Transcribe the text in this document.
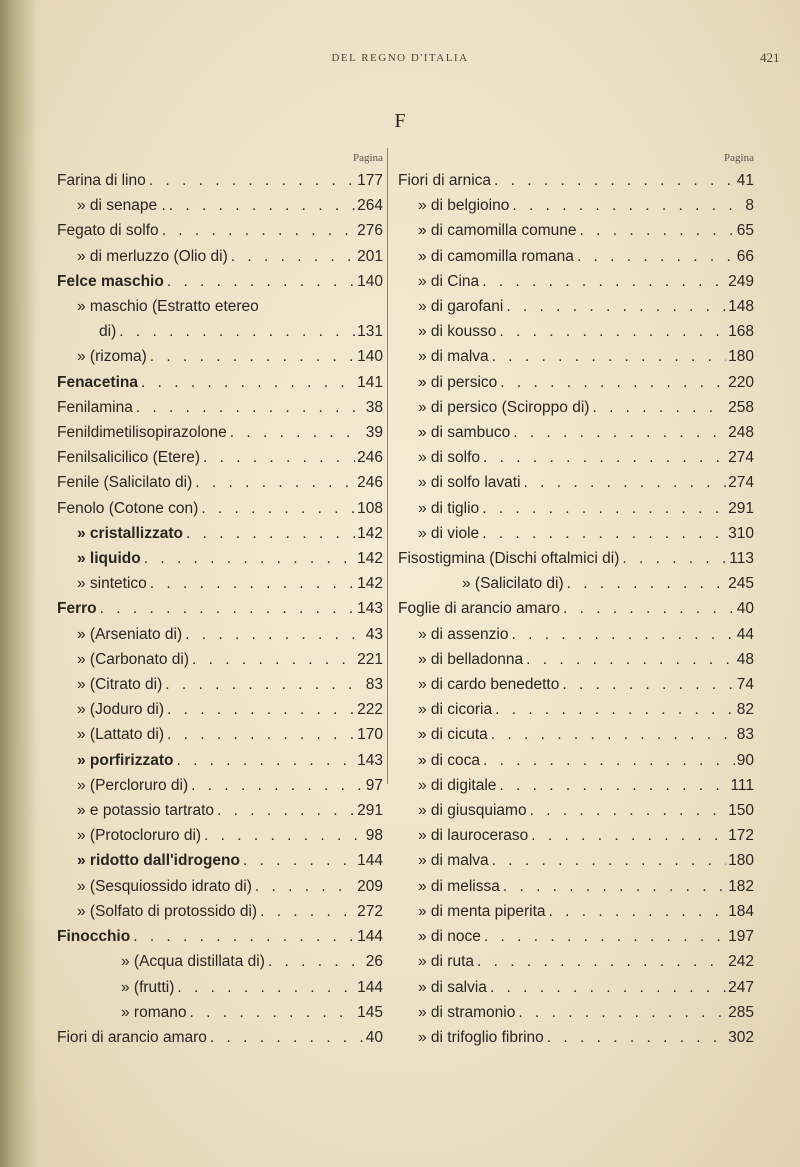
DEL REGNO D'ITALIA	421
F
Pagina
Farina di lino . . .	177
» di senape . . . .	264
Fegato di solfo . . .	276
» di merluzzo (Olio di) . . .	201
Felce maschio . . .	140
» maschio (Estratto etereo
di) . . .	131
» (rizoma) . . .	140
Fenacetina . . .	141
Fenilamina . . .	38
Fenildimetilisopirazolone . . .	39
Fenilsalicilico (Etere) . . .	246
Fenile (Salicilato di) . . .	246
Fenolo (Cotone con) . . .	108
» cristallizzato . . .	142
» liquido . . .	142
» sintetico . . .	142
Ferro . . .	143
» (Arseniato di) . . .	43
» (Carbonato di) . . .	221
» (Citrato di) . . .	83
» (Joduro di) . . .	222
» (Lattato di) . . .	170
» porfirizzato . . .	143
» (Percloruro di) . . .	97
» e potassio tartrato . . .	291
» (Protocloruro di) . . .	98
» ridotto dall'idrogeno . . .	144
» (Sesquiossido idrato di) . . .	209
» (Solfato di protossido di) . . .	272
Finocchio . . .	144
» (Acqua distillata di) . . .	26
» (frutti) . . .	144
» romano . . .	145
Fiori di arancio amaro . . .	40
Pagina
Fiori di arnica . . .	41
» di belgioino . . .	8
» di camomilla comune . . .	65
» di camomilla romana . . .	66
» di Cina . . .	249
» di garofani . . .	148
» di kousso . . .	168
» di malva . . .	180
» di persico . . .	220
» di persico (Sciroppo di) . . .	258
» di sambuco . . .	248
» di solfo . . .	274
» di solfo lavati . . .	274
» di tiglio . . .	291
» di viole . . .	310
Fisostigmina (Dischi oftalmici di) . . .	113
» (Salicilato di) . . .	245
Foglie di arancio amaro . . .	40
» di assenzio . . .	44
» di belladonna . . .	48
» di cardo benedetto . . .	74
» di cicoria . . .	82
» di cicuta . . .	83
» di coca . . .	90
» di digitale . . .	111
» di giusquiamo . . .	150
» di lauroceraso . . .	172
» di malva . . .	180
» di melissa . . .	182
» di menta piperita . . .	184
» di noce . . .	197
» di ruta . . .	242
» di salvia . . .	247
» di stramonio . . .	285
» di trifoglio fibrino . . .	302
